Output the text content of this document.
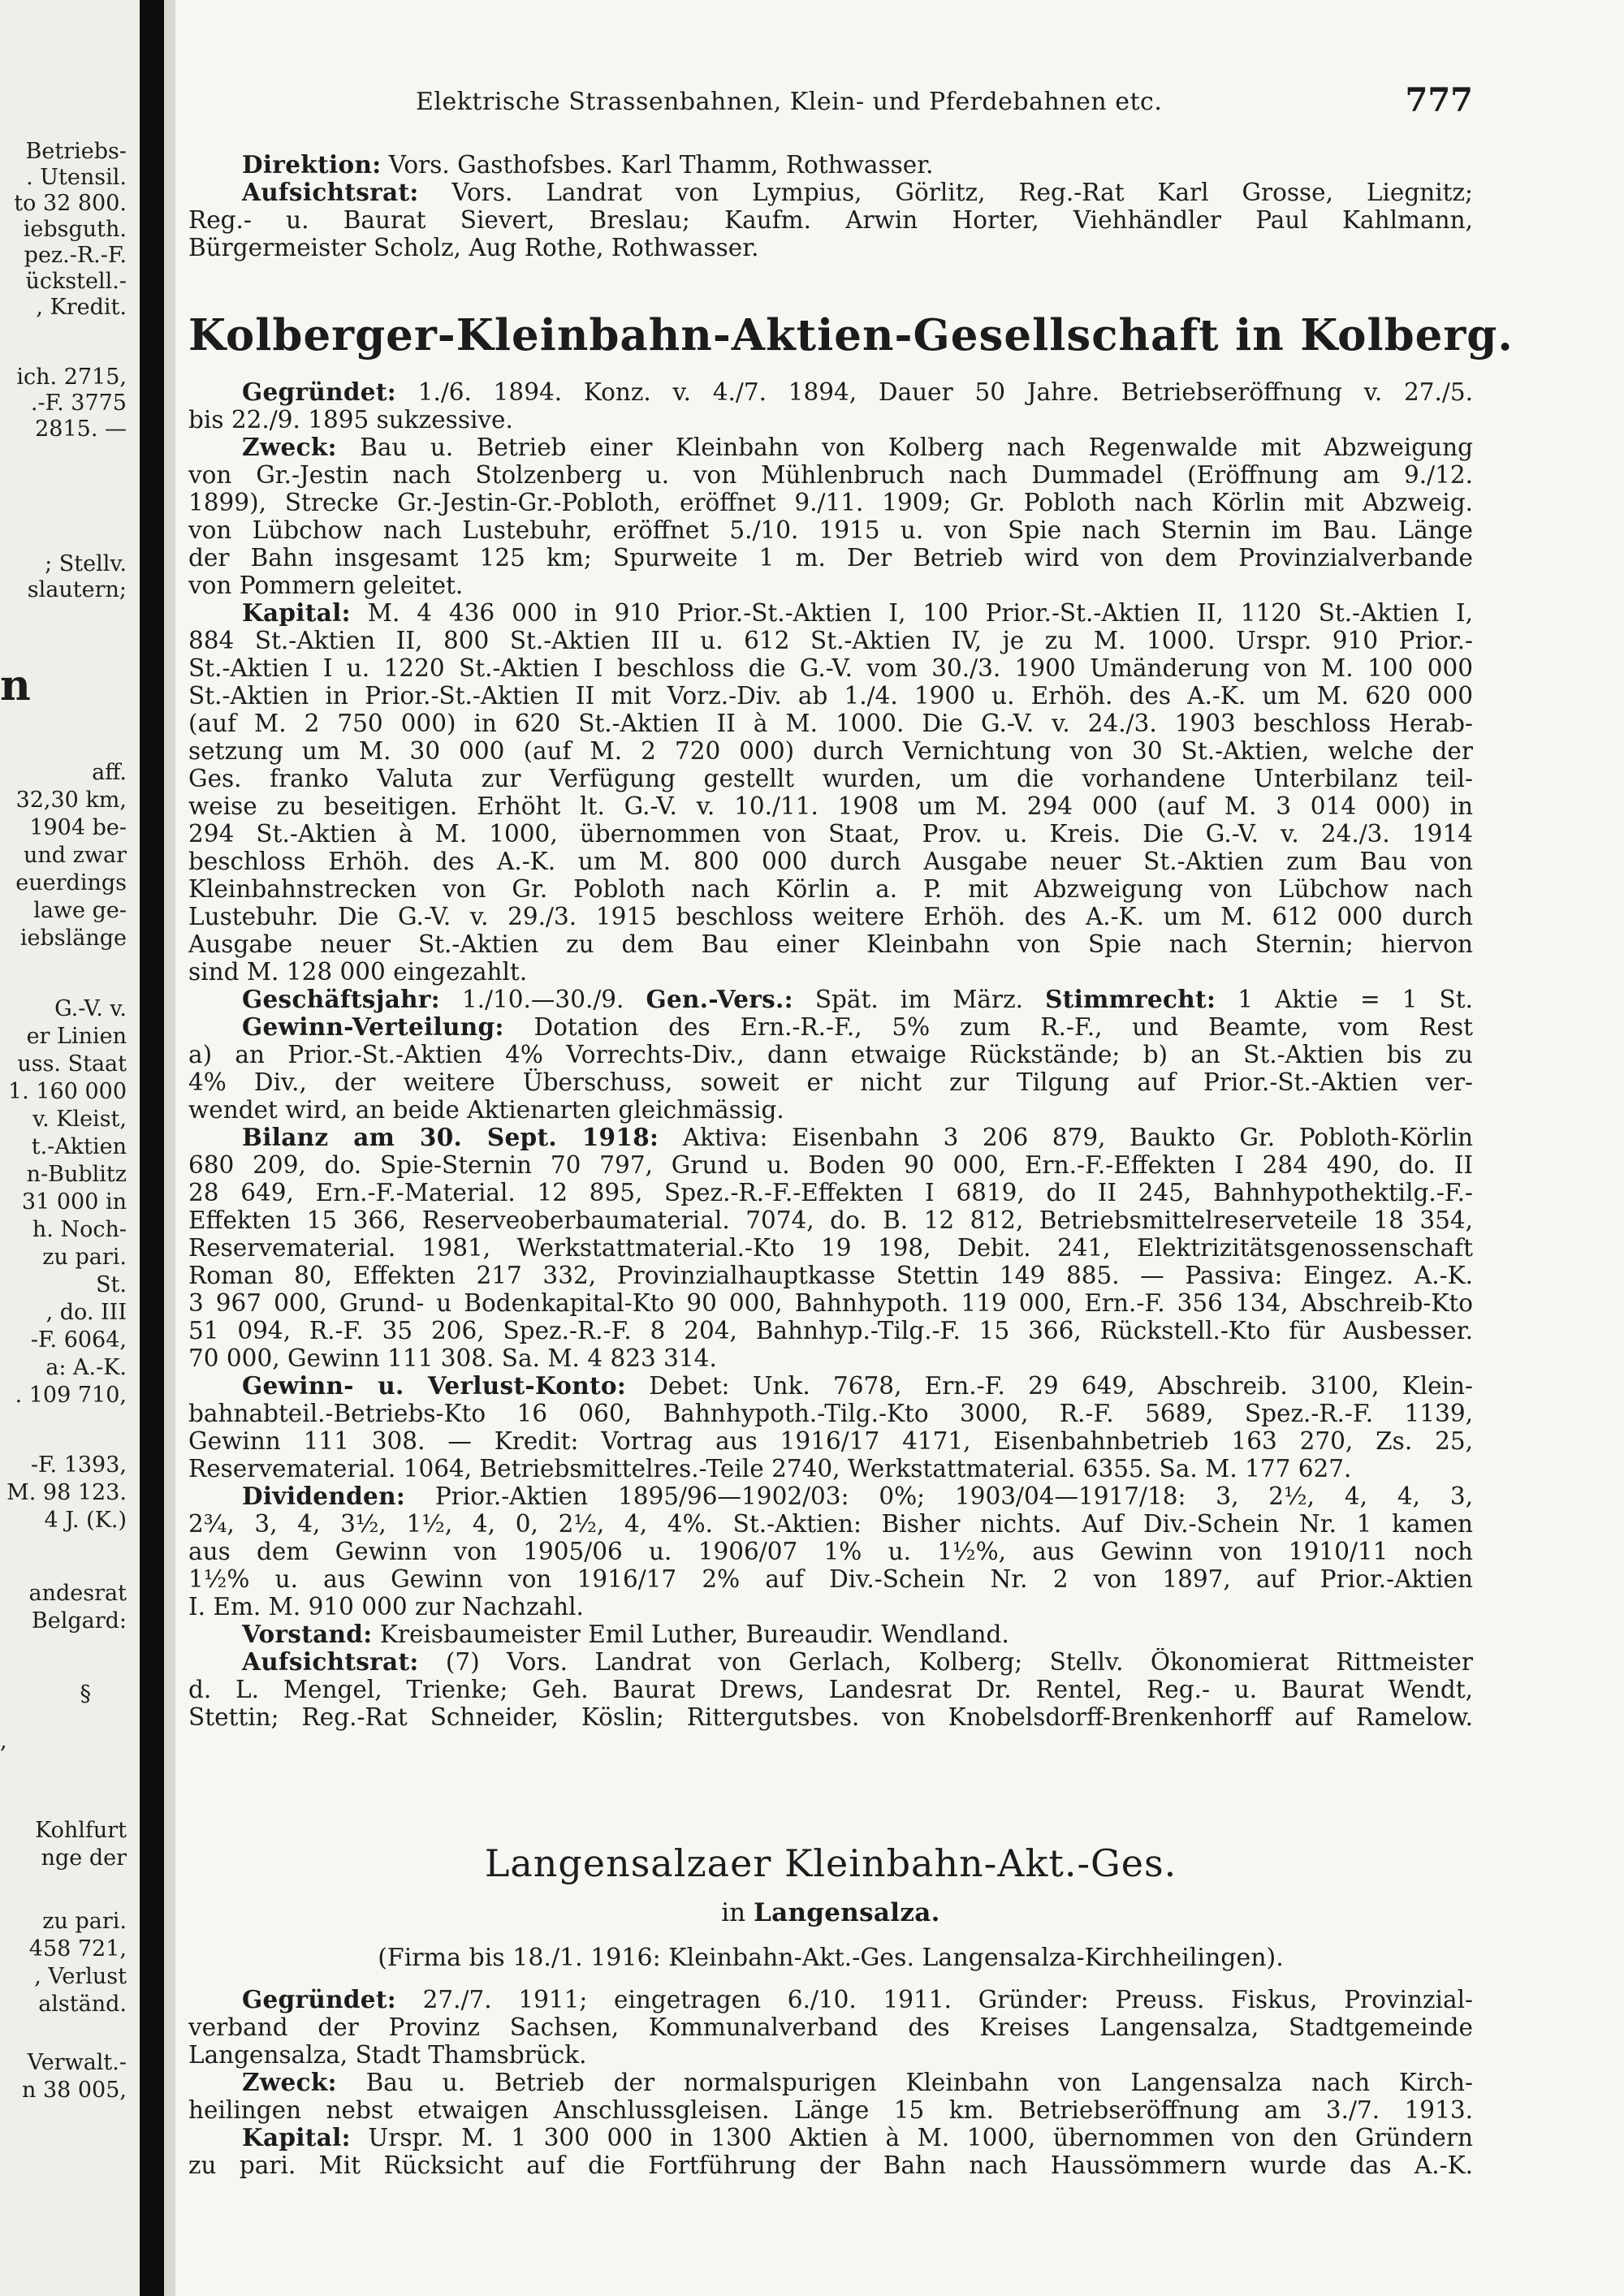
Betriebs-
. Utensil.
to 32 800.
iebsguth.
pez.-R.-F.
ückstell.-
, Kredit.
ich. 2715,
.-F. 3775
2815. —
; Stellv.
slautern;
n
aff.
32,30 km,
1904 be-
und zwar
euerdings
lawe ge-
iebslänge
G.-V. v.
er Linien
uss. Staat
1. 160 000
v. Kleist,
t.-Aktien
n-Bublitz
31 000 in
h. Noch-
zu pari.
St.
, do. III
-F. 6064,
a: A.-K.
. 109 710,
-F. 1393,
M. 98 123.
4 J. (K.)
andesrat
Belgard:
§
,
Kohlfurt
nge der
zu pari.
458 721,
, Verlust
alständ.
Verwalt.-
n 38 005,
Elektrische Strassenbahnen, Klein- und Pferdebahnen etc.	777
Direktion: Vors. Gasthofsbes. Karl Thamm, Rothwasser.
Aufsichtsrat: Vors. Landrat von Lympius, Görlitz, Reg.-Rat Karl Grosse, Liegnitz;
Reg.- u. Baurat Sievert, Breslau; Kaufm. Arwin Horter, Viehhändler Paul Kahlmann,
Bürgermeister Scholz, Aug Rothe, Rothwasser.
Kolberger-Kleinbahn-Aktien-Gesellschaft in Kolberg.
Gegründet: 1./6. 1894. Konz. v. 4./7. 1894, Dauer 50 Jahre. Betriebseröffnung v. 27./5.
bis 22./9. 1895 sukzessive.
Zweck: Bau u. Betrieb einer Kleinbahn von Kolberg nach Regenwalde mit Abzweigung
von Gr.-Jestin nach Stolzenberg u. von Mühlenbruch nach Dummadel (Eröffnung am 9./12.
1899), Strecke Gr.-Jestin-Gr.-Pobloth, eröffnet 9./11. 1909; Gr. Pobloth nach Körlin mit Abzweig.
von Lübchow nach Lustebuhr, eröffnet 5./10. 1915 u. von Spie nach Sternin im Bau. Länge
der Bahn insgesamt 125 km; Spurweite 1 m. Der Betrieb wird von dem Provinzialverbande
von Pommern geleitet.
Kapital: M. 4 436 000 in 910 Prior.-St.-Aktien I, 100 Prior.-St.-Aktien II, 1120 St.-Aktien I,
884 St.-Aktien II, 800 St.-Aktien III u. 612 St.-Aktien IV, je zu M. 1000. Urspr. 910 Prior.-
St.-Aktien I u. 1220 St.-Aktien I beschloss die G.-V. vom 30./3. 1900 Umänderung von M. 100 000
St.-Aktien in Prior.-St.-Aktien II mit Vorz.-Div. ab 1./4. 1900 u. Erhöh. des A.-K. um M. 620 000
(auf M. 2 750 000) in 620 St.-Aktien II à M. 1000. Die G.-V. v. 24./3. 1903 beschloss Herab-
setzung um M. 30 000 (auf M. 2 720 000) durch Vernichtung von 30 St.-Aktien, welche der
Ges. franko Valuta zur Verfügung gestellt wurden, um die vorhandene Unterbilanz teil-
weise zu beseitigen. Erhöht lt. G.-V. v. 10./11. 1908 um M. 294 000 (auf M. 3 014 000) in
294 St.-Aktien à M. 1000, übernommen von Staat, Prov. u. Kreis. Die G.-V. v. 24./3. 1914
beschloss Erhöh. des A.-K. um M. 800 000 durch Ausgabe neuer St.-Aktien zum Bau von
Kleinbahnstrecken von Gr. Pobloth nach Körlin a. P. mit Abzweigung von Lübchow nach
Lustebuhr. Die G.-V. v. 29./3. 1915 beschloss weitere Erhöh. des A.-K. um M. 612 000 durch
Ausgabe neuer St.-Aktien zu dem Bau einer Kleinbahn von Spie nach Sternin; hiervon
sind M. 128 000 eingezahlt.
Geschäftsjahr: 1./10.—30./9. Gen.-Vers.: Spät. im März. Stimmrecht: 1 Aktie = 1 St.
Gewinn-Verteilung: Dotation des Ern.-R.-F., 5% zum R.-F., und Beamte, vom Rest
a) an Prior.-St.-Aktien 4% Vorrechts-Div., dann etwaige Rückstände; b) an St.-Aktien bis zu
4% Div., der weitere Überschuss, soweit er nicht zur Tilgung auf Prior.-St.-Aktien ver-
wendet wird, an beide Aktienarten gleichmässig.
Bilanz am 30. Sept. 1918: Aktiva: Eisenbahn 3 206 879, Baukto Gr. Pobloth-Körlin
680 209, do. Spie-Sternin 70 797, Grund u. Boden 90 000, Ern.-F.-Effekten I 284 490, do. II
28 649, Ern.-F.-Material. 12 895, Spez.-R.-F.-Effekten I 6819, do II 245, Bahnhypothektilg.-F.-
Effekten 15 366, Reserveoberbaumaterial. 7074, do. B. 12 812, Betriebsmittelreserveteile 18 354,
Reservematerial. 1981, Werkstattmaterial.-Kto 19 198, Debit. 241, Elektrizitätsgenossenschaft
Roman 80, Effekten 217 332, Provinzialhauptkasse Stettin 149 885. — Passiva: Eingez. A.-K.
3 967 000, Grund- u Bodenkapital-Kto 90 000, Bahnhypoth. 119 000, Ern.-F. 356 134, Abschreib-Kto
51 094, R.-F. 35 206, Spez.-R.-F. 8 204, Bahnhyp.-Tilg.-F. 15 366, Rückstell.-Kto für Ausbesser.
70 000, Gewinn 111 308. Sa. M. 4 823 314.
Gewinn- u. Verlust-Konto: Debet: Unk. 7678, Ern.-F. 29 649, Abschreib. 3100, Klein-
bahnabteil.-Betriebs-Kto 16 060, Bahnhypoth.-Tilg.-Kto 3000, R.-F. 5689, Spez.-R.-F. 1139,
Gewinn 111 308. — Kredit: Vortrag aus 1916/17 4171, Eisenbahnbetrieb 163 270, Zs. 25,
Reservematerial. 1064, Betriebsmittelres.-Teile 2740, Werkstattmaterial. 6355. Sa. M. 177 627.
Dividenden: Prior.-Aktien 1895/96—1902/03: 0%; 1903/04—1917/18: 3, 2½, 4, 4, 3,
2¾, 3, 4, 3½, 1½, 4, 0, 2½, 4, 4%. St.-Aktien: Bisher nichts. Auf Div.-Schein Nr. 1 kamen
aus dem Gewinn von 1905/06 u. 1906/07 1% u. 1½%, aus Gewinn von 1910/11 noch
1½% u. aus Gewinn von 1916/17 2% auf Div.-Schein Nr. 2 von 1897, auf Prior.-Aktien
I. Em. M. 910 000 zur Nachzahl.
Vorstand: Kreisbaumeister Emil Luther, Bureaudir. Wendland.
Aufsichtsrat: (7) Vors. Landrat von Gerlach, Kolberg; Stellv. Ökonomierat Rittmeister
d. L. Mengel, Trienke; Geh. Baurat Drews, Landesrat Dr. Rentel, Reg.- u. Baurat Wendt,
Stettin; Reg.-Rat Schneider, Köslin; Rittergutsbes. von Knobelsdorff-Brenkenhorff auf Ramelow.
Langensalzaer Kleinbahn-Akt.-Ges.
in Langensalza.
(Firma bis 18./1. 1916: Kleinbahn-Akt.-Ges. Langensalza-Kirchheilingen).
Gegründet: 27./7. 1911; eingetragen 6./10. 1911. Gründer: Preuss. Fiskus, Provinzial-
verband der Provinz Sachsen, Kommunalverband des Kreises Langensalza, Stadtgemeinde
Langensalza, Stadt Thamsbrück.
Zweck: Bau u. Betrieb der normalspurigen Kleinbahn von Langensalza nach Kirch-
heilingen nebst etwaigen Anschlussgleisen. Länge 15 km. Betriebseröffnung am 3./7. 1913.
Kapital: Urspr. M. 1 300 000 in 1300 Aktien à M. 1000, übernommen von den Gründern
zu pari. Mit Rücksicht auf die Fortführung der Bahn nach Haussömmern wurde das A.-K.
